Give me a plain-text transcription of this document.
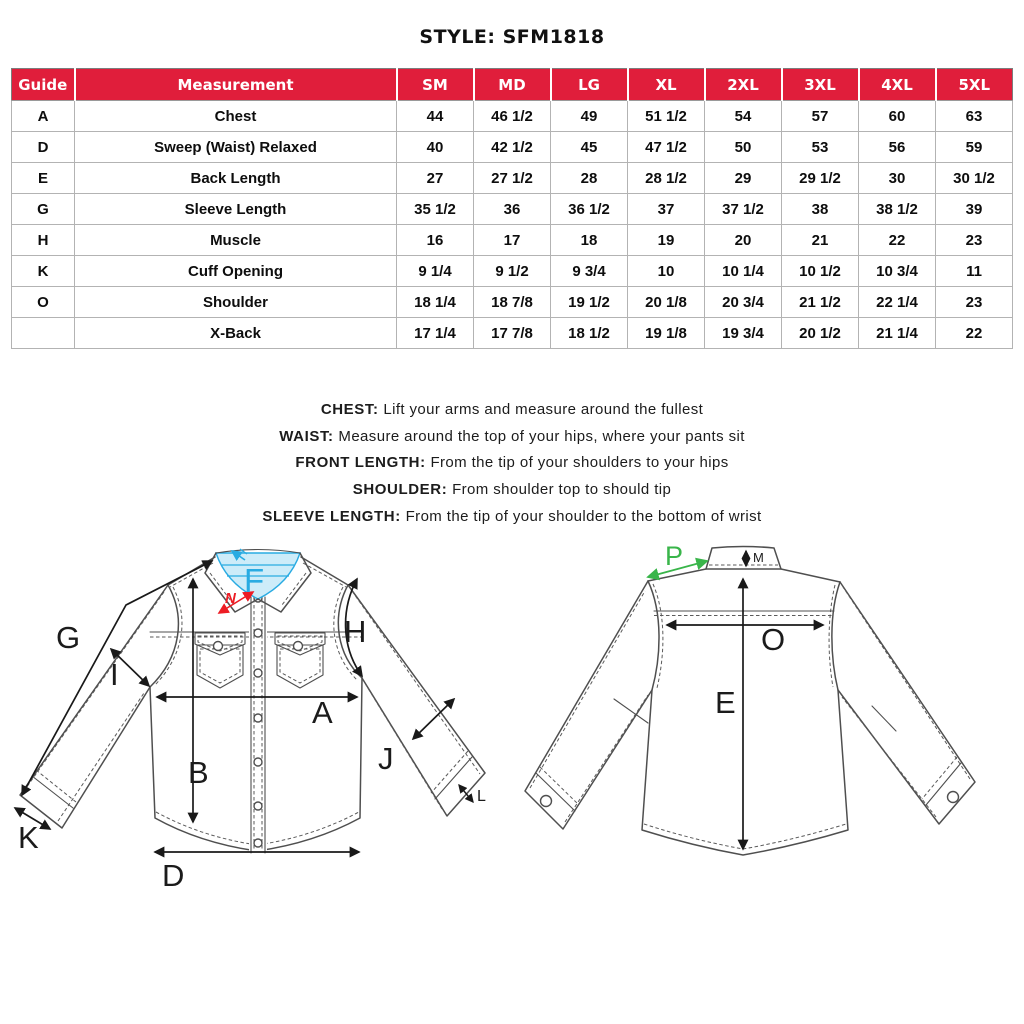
STYLE: SFM1818
Guide	Measurement	SM	MD	LG	XL	2XL	3XL	4XL	5XL
A	Chest	44	46 1/2	49	51 1/2	54	57	60	63
D	Sweep (Waist) Relaxed	40	42 1/2	45	47 1/2	50	53	56	59
E	Back Length	27	27 1/2	28	28 1/2	29	29 1/2	30	30 1/2
G	Sleeve Length	35 1/2	36	36 1/2	37	37 1/2	38	38 1/2	39
H	Muscle	16	17	18	19	20	21	22	23
K	Cuff Opening	9 1/4	9 1/2	9 3/4	10	10 1/4	10 1/2	10 3/4	11
O	Shoulder	18 1/4	18 7/8	19 1/2	20 1/8	20 3/4	21 1/2	22 1/4	23
	X-Back	17 1/4	17 7/8	18 1/2	19 1/8	19 3/4	20 1/2	21 1/4	22
CHEST: Lift your arms and measure around the fullest
WAIST: Measure around the top of your hips, where your pants sit
FRONT LENGTH: From the tip of your shoulders to your hips
SHOULDER: From shoulder top to should tip
SLEEVE LENGTH: From the tip of your shoulder to the bottom of wrist
N F
G
I
H
A
B	J
K
L
D
M
P
O
E
